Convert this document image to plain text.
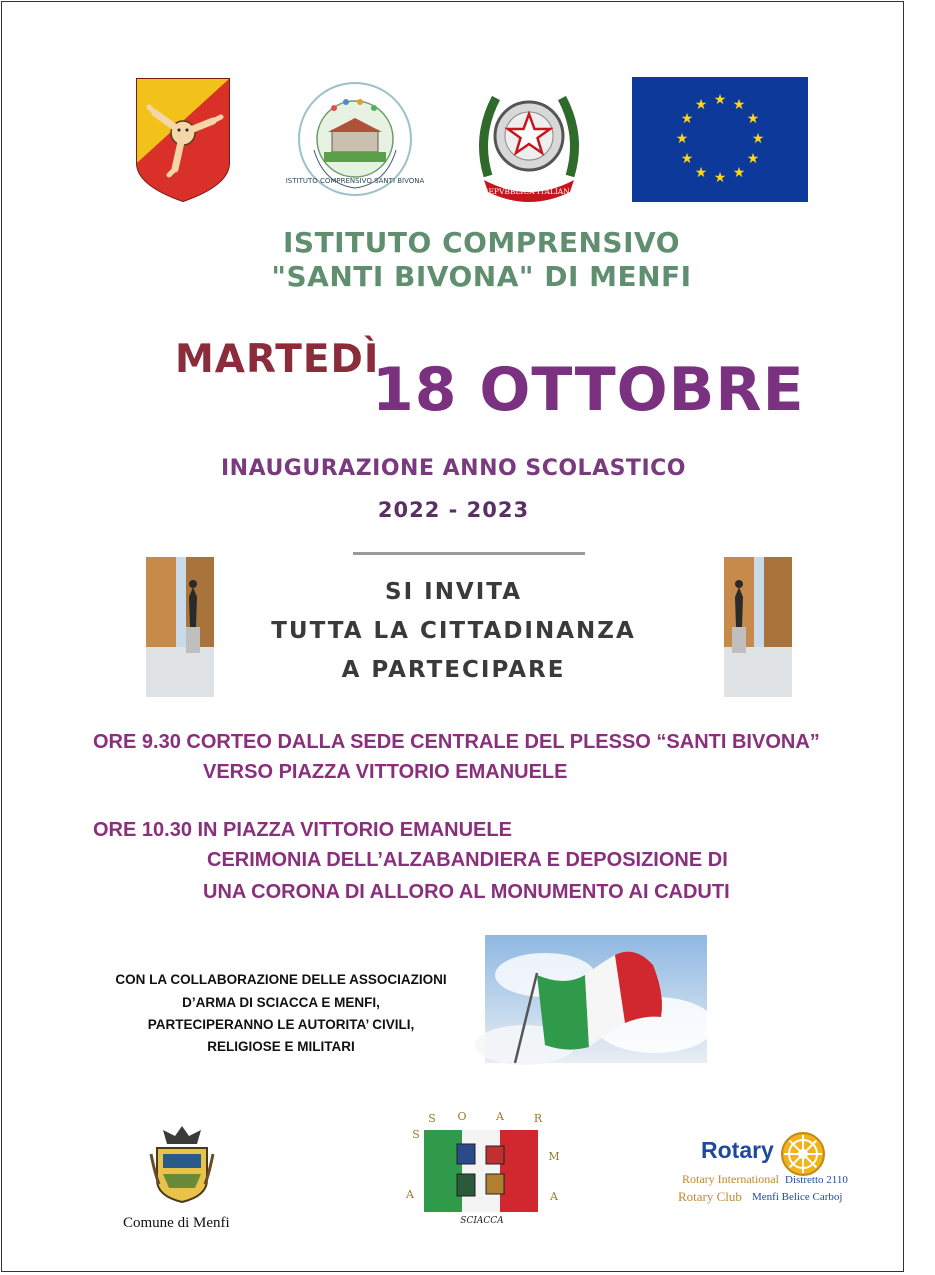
ISTITUTO COMPRENSIVO SANTI BIVONA
REPVBBLICA ITALIANA
★ ★
★
★
★
★
★
★
★
★
★
★
ISTITUTO COMPRENSIVO
"SANTI BIVONA" DI MENFI
MARTEDÌ
18 OTTOBRE
INAUGURAZIONE ANNO SCOLASTICO
2022 - 2023
SI INVITA
TUTTA LA CITTADINANZA
A PARTECIPARE
ORE 9.30 CORTEO DALLA SEDE CENTRALE DEL PLESSO “SANTI BIVONA”
VERSO PIAZZA VITTORIO EMANUELE
ORE 10.30 IN PIAZZA VITTORIO EMANUELE
CERIMONIA DELL’ALZABANDIERA E DEPOSIZIONE DI
UNA CORONA DI ALLORO AL MONUMENTO AI CADUTI
CON LA COLLABORAZIONE DELLE ASSOCIAZIONI
D’ARMA DI SCIACCA E MENFI,
PARTECIPERANNO LE AUTORITA’ CIVILI,
RELIGIOSE E MILITARI
Comune di Menfi
A
S
S O	A	R
M
A
SCIACCA
Rotary
Rotary International Distretto 2110
Rotary Club Menfi Belice Carboj
